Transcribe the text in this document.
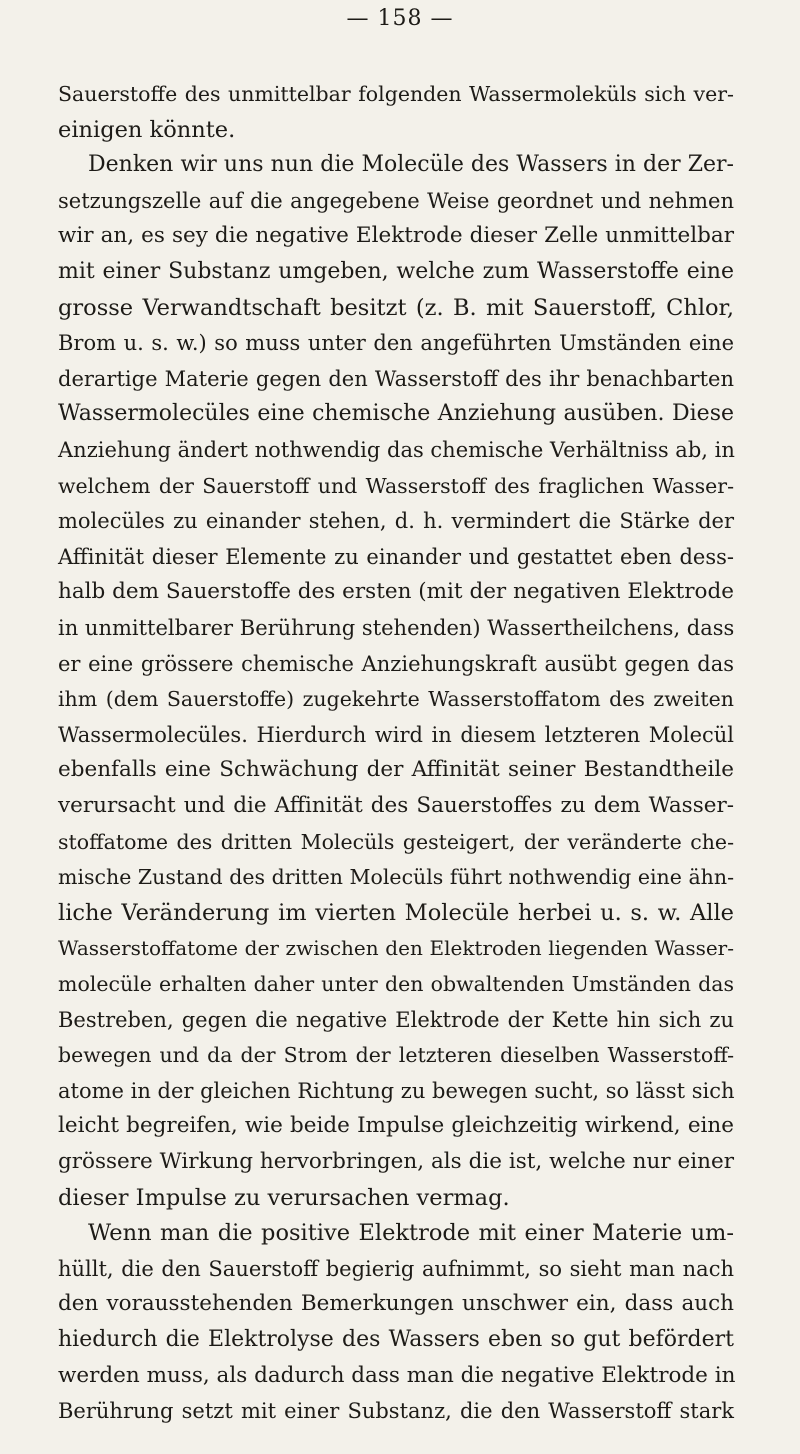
— 158 —
Sauerstoffe des unmittelbar folgenden Wassermoleküls sich ver-
einigen könnte.
Denken wir uns nun die Molecüle des Wassers in der Zer-
setzungszelle auf die angegebene Weise geordnet und nehmen
wir an, es sey die negative Elektrode dieser Zelle unmittelbar
mit einer Substanz umgeben, welche zum Wasserstoffe eine
grosse Verwandtschaft besitzt (z. B. mit Sauerstoff, Chlor,
Brom u. s. w.) so muss unter den angeführten Umständen eine
derartige Materie gegen den Wasserstoff des ihr benachbarten
Wassermolecüles eine chemische Anziehung ausüben. Diese
Anziehung ändert nothwendig das chemische Verhältniss ab, in
welchem der Sauerstoff und Wasserstoff des fraglichen Wasser-
molecüles zu einander stehen, d. h. vermindert die Stärke der
Affinität dieser Elemente zu einander und gestattet eben dess-
halb dem Sauerstoffe des ersten (mit der negativen Elektrode
in unmittelbarer Berührung stehenden) Wassertheilchens, dass
er eine grössere chemische Anziehungskraft ausübt gegen das
ihm (dem Sauerstoffe) zugekehrte Wasserstoffatom des zweiten
Wassermolecüles. Hierdurch wird in diesem letzteren Molecül
ebenfalls eine Schwächung der Affinität seiner Bestandtheile
verursacht und die Affinität des Sauerstoffes zu dem Wasser-
stoffatome des dritten Molecüls gesteigert, der veränderte che-
mische Zustand des dritten Molecüls führt nothwendig eine ähn-
liche Veränderung im vierten Molecüle herbei u. s. w. Alle
Wasserstoffatome der zwischen den Elektroden liegenden Wasser-
molecüle erhalten daher unter den obwaltenden Umständen das
Bestreben, gegen die negative Elektrode der Kette hin sich zu
bewegen und da der Strom der letzteren dieselben Wasserstoff-
atome in der gleichen Richtung zu bewegen sucht, so lässt sich
leicht begreifen, wie beide Impulse gleichzeitig wirkend, eine
grössere Wirkung hervorbringen, als die ist, welche nur einer
dieser Impulse zu verursachen vermag.
Wenn man die positive Elektrode mit einer Materie um-
hüllt, die den Sauerstoff begierig aufnimmt, so sieht man nach
den vorausstehenden Bemerkungen unschwer ein, dass auch
hiedurch die Elektrolyse des Wassers eben so gut befördert
werden muss, als dadurch dass man die negative Elektrode in
Berührung setzt mit einer Substanz, die den Wasserstoff stark
